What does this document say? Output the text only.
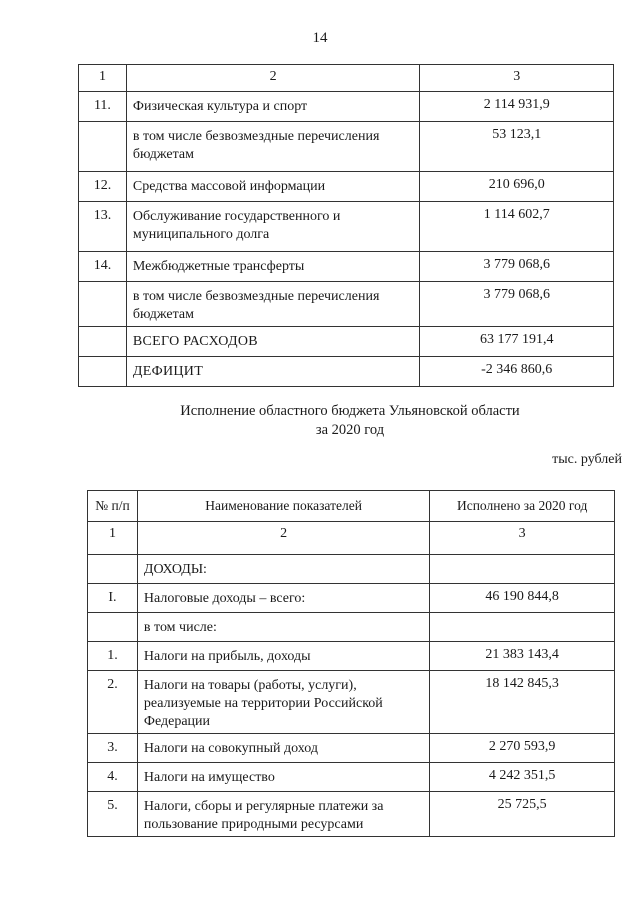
14
1	2	3
11.	Физическая культура и спорт	2 114 931,9
	в том числе безвозмездные перечисления бюджетам	53 123,1
12.	Средства массовой информации	210 696,0
13.	Обслуживание государственного и муниципального долга	1 114 602,7
14.	Межбюджетные трансферты	3 779 068,6
	в том числе безвозмездные перечисления бюджетам	3 779 068,6
	ВСЕГО РАСХОДОВ	63 177 191,4
	ДЕФИЦИТ	-2 346 860,6
Исполнение областного бюджета Ульяновской области
за 2020 год
тыс. рублей
№ п/п	Наименование показателей	Исполнено за 2020 год
1	2	3
	ДОХОДЫ:	
I.	Налоговые доходы – всего:	46 190 844,8
	в том числе:	
1.	Налоги на прибыль, доходы	21 383 143,4
2.	Налоги на товары (работы, услуги), реализуемые на территории Российской Федерации	18 142 845,3
3.	Налоги на совокупный доход	2 270 593,9
4.	Налоги на имущество	4 242 351,5
5.	Налоги, сборы и регулярные платежи за пользование природными ресурсами	25 725,5
